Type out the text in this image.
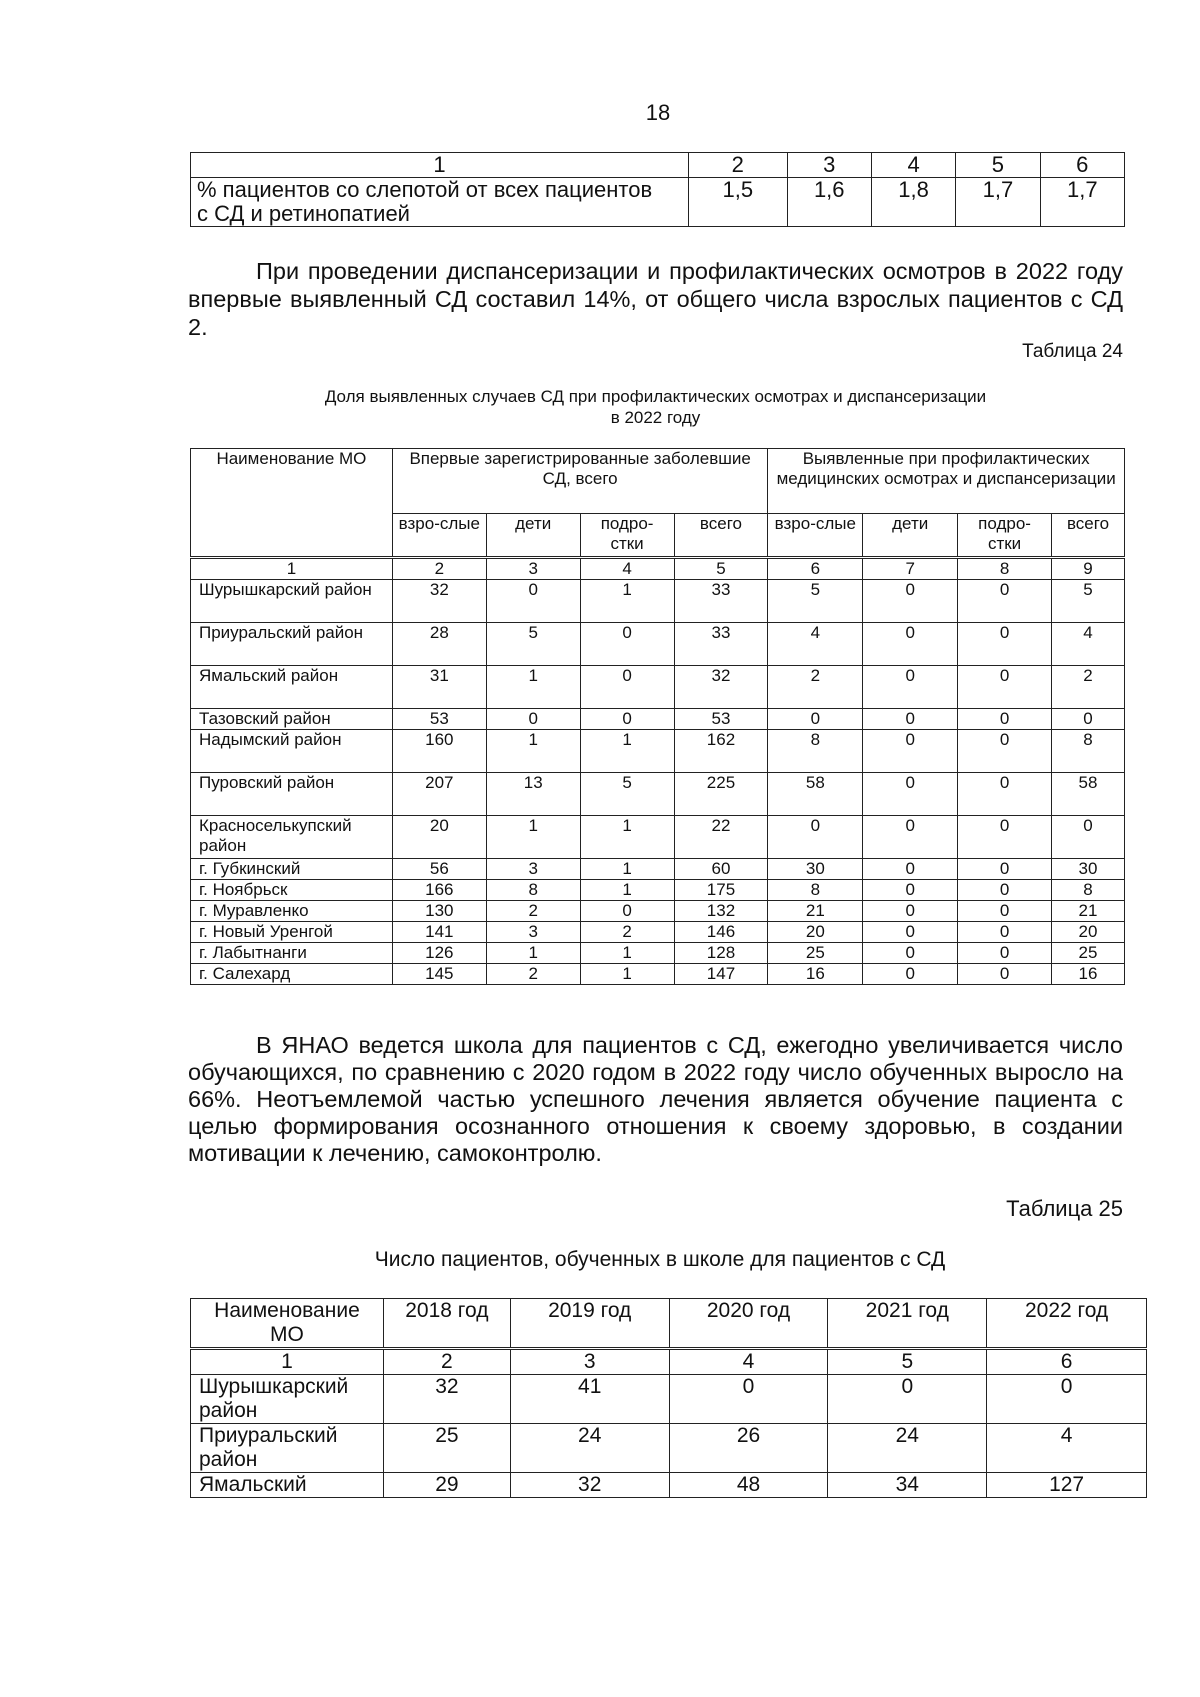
18
1	2	3	4	5	6

% пациентов со слепотой от всех пациентов
с СД и ретинопатией	1,5	1,6	1,8	1,7	1,7
При проведении диспансеризации и профилактических осмотров в 2022 году впервые выявленный СД составил 14%, от общего числа взрослых пациентов с СД 2.
Таблица 24
Доля выявленных случаев СД при профилактических осмотрах и диспансеризации
в 2022 году
Наименование МО	Впервые зарегистрированные заболевшие СД, всего				Выявленные при профилактических медицинских осмотрах и диспансеризации			
	взро-слые	дети	подро-стки	всего	взро-слые	дети	подро-стки	всего
1	2	3	4	5	6	7	8	9
Шурышкарский район	32	0	1	33	5	0	0	5
Приуральский район	28	5	0	33	4	0	0	4
Ямальский район	31	1	0	32	2	0	0	2
Тазовский район	53	0	0	53	0	0	0	0
Надымский район	160	1	1	162	8	0	0	8
Пуровский район	207	13	5	225	58	0	0	58
Красноселькупский район	20	1	1	22	0	0	0	0
г. Губкинский	56	3	1	60	30	0	0	30
г. Ноябрьск	166	8	1	175	8	0	0	8
г. Муравленко	130	2	0	132	21	0	0	21
г. Новый Уренгой	141	3	2	146	20	0	0	20
г. Лабытнанги	126	1	1	128	25	0	0	25
г. Салехард	145	2	1	147	16	0	0	16
В ЯНАО ведется школа для пациентов с СД, ежегодно увеличивается число обучающихся, по сравнению с 2020 годом в 2022 году число обученных выросло на 66%. Неотъемлемой частью успешного лечения является обучение пациента с целью формирования осознанного отношения к своему здоровью, в создании мотивации к лечению, самоконтролю.
Таблица 25
Число пациентов, обученных в школе для пациентов с СД
Наименование МО	2018 год	2019 год	2020 год	2021 год	2022 год
1	2	3	4	5	6
Шурышкарский район	32	41	0	0	0
Приуральский район	25	24	26	24	4
Ямальский	29	32	48	34	127
